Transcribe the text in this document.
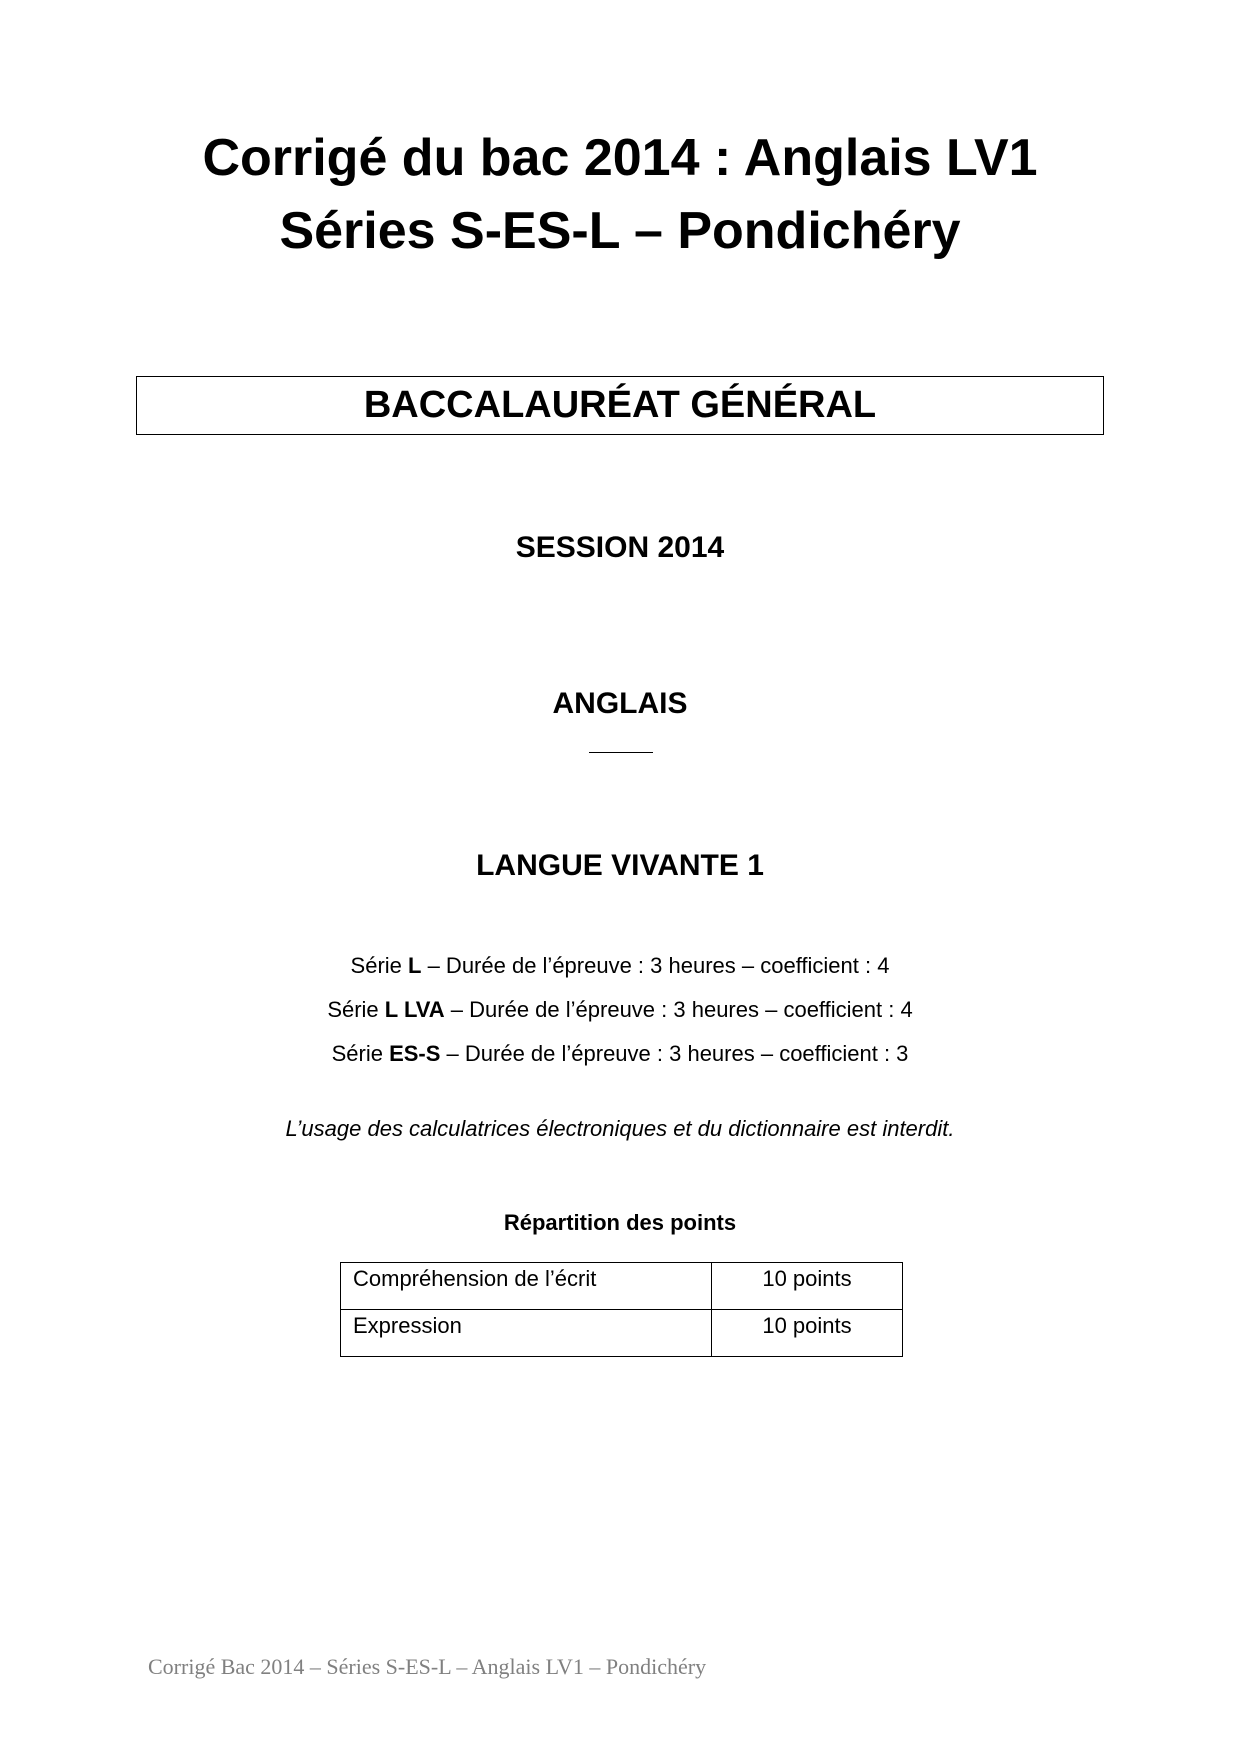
Corrigé du bac 2014 : Anglais LV1
Séries S-ES-L – Pondichéry
BACCALAURÉAT GÉNÉRAL
SESSION 2014
ANGLAIS
LANGUE VIVANTE 1
Série L – Durée de l’épreuve : 3 heures – coefficient : 4
Série L LVA – Durée de l’épreuve : 3 heures – coefficient : 4
Série ES-S – Durée de l’épreuve : 3 heures – coefficient : 3
L’usage des calculatrices électroniques et du dictionnaire est interdit.
Répartition des points
Compréhension de l’écrit	10 points
Expression	10 points
Corrigé Bac 2014 – Séries S-ES-L – Anglais LV1 – Pondichéry
